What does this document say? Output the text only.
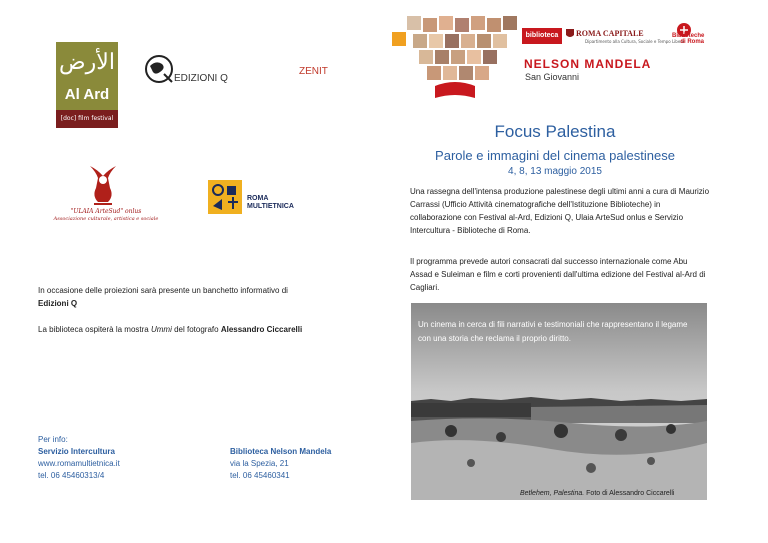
الأرض
Al Ard
[doc] film festival
EDIZIONI Q
ZENIT
"ULAIA ArteSud" onlus
Associazione culturale, artistica e sociale
ROMA
MULTIETNICA
biblioteca	ROMA CAPITALE
Dipartimento alla Cultura, Sociale e Tempo Libero
Biblioteche
di Roma
NELSON MANDELA
San Giovanni
Focus Palestina
Parole e immagini del cinema palestinese
4, 8, 13 maggio 2015
Una rassegna dell'intensa produzione palestinese degli ultimi anni a cura di Maurizio Carrassi (Ufficio Attività cinematografiche dell'Istituzione Biblioteche) in collaborazione con Festival al-Ard, Edizioni Q, Ulaia ArteSud onlus e Servizio Intercultura - Biblioteche di Roma.
Il programma prevede autori consacrati dal successo internazionale come Abu Assad e Suleiman e film e corti provenienti dall'ultima edizione del Festival al-Ard di Cagliari.
In occasione delle proiezioni sarà presente un banchetto informativo di
Edizioni Q
La biblioteca ospiterà la mostra Ummi del fotografo Alessandro Ciccarelli
Per info:
Servizio Intercultura
www.romamultietnica.it
tel. 06 45460313/4
Biblioteca Nelson Mandela
via la Spezia, 21
tel. 06 45460341
Un cinema in cerca di fili narrativi e testimoniali che rappresentano il legame con una storia che reclama il proprio diritto.
Betlehem, Palestina. Foto di Alessandro Ciccarelli
